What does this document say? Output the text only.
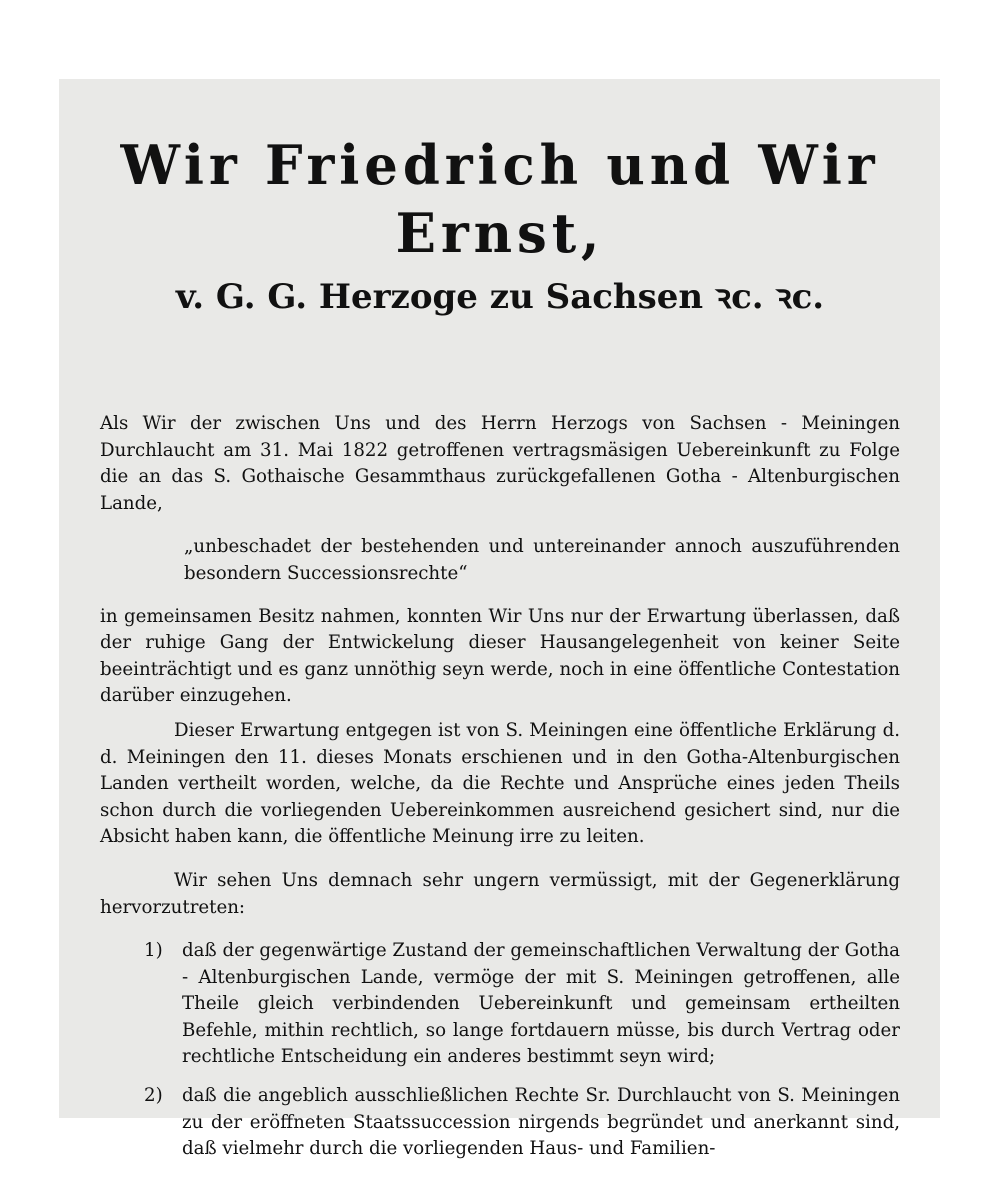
Wir Friedrich und Wir Ernst,
v. G. G. Herzoge zu Sachsen ꝛc. ꝛc.

Als Wir der zwischen Uns und des Herrn Herzogs von Sachsen - Meiningen Durchlaucht am 31. Mai 1822 getroffenen vertragsmäsigen Uebereinkunft zu Folge die an das S. Gothaische Gesammthaus zurückgefallenen Gotha - Altenburgischen Lande,

„unbeschadet der bestehenden und untereinander annoch auszuführenden besondern Successionsrechte“

in gemeinsamen Besitz nahmen, konnten Wir Uns nur der Erwartung überlassen, daß der ruhige Gang der Entwickelung dieser Hausangelegenheit von keiner Seite beeinträchtigt und es ganz unnöthig seyn werde, noch in eine öffentliche Contestation darüber einzugehen.

Dieser Erwartung entgegen ist von S. Meiningen eine öffentliche Erklärung d. d. Meiningen den 11. dieses Monats erschienen und in den Gotha-Altenburgischen Landen vertheilt worden, welche, da die Rechte und Ansprüche eines jeden Theils schon durch die vorliegenden Uebereinkommen ausreichend gesichert sind, nur die Absicht haben kann, die öffentliche Meinung irre zu leiten.

Wir sehen Uns demnach sehr ungern vermüssigt, mit der Gegenerklärung hervorzutreten:

1) daß der gegenwärtige Zustand der gemeinschaftlichen Verwaltung der Gotha - Altenburgischen Lande, vermöge der mit S. Meiningen getroffenen, alle Theile gleich verbindenden Uebereinkunft und gemeinsam ertheilten Befehle, mithin rechtlich, so lange fortdauern müsse, bis durch Vertrag oder rechtliche Entscheidung ein anderes bestimmt seyn wird;
2) daß die angeblich ausschließlichen Rechte Sr. Durchlaucht von S. Meiningen zu der eröffneten Staatssuccession nirgends begründet und anerkannt sind, daß vielmehr durch die vorliegenden Haus- und Familien-
